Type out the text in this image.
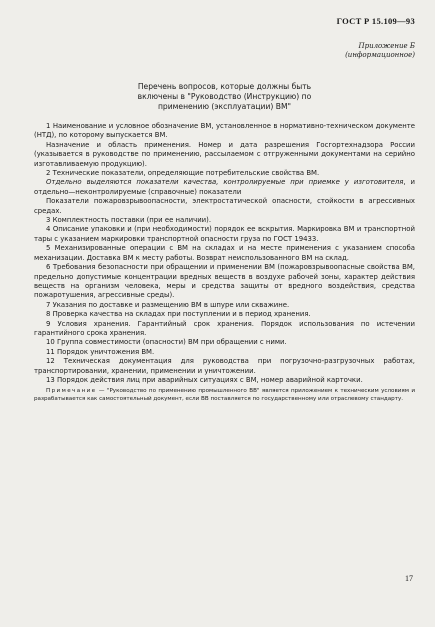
ГОСТ Р 15.109—93
Приложение Б
(информационное)
Перечень вопросов, которые должны быть
включены в "Руководство (Инструкцию) по
применению (эксплуатации) ВМ"

1 Наименование и условное обозначение ВМ, установленное в нормативно-техническом документе (НТД), по которому выпускается ВМ.

Назначение и область применения. Номер и дата разрешения Госгортехнадзора России (указывается в руководстве по применению, рассылаемом с отгруженными документами на серийно изготавливаемую продукцию).

2 Технические показатели, определяющие потребительские свойства ВМ.

Отдельно выделяются показатели качества, контролируемые при приемке у изготовителя, и отдельно—неконтролируемые (справочные) показатели

Показатели пожаровзрывоопасности, электростатической опасности, стойкости в агрессивных средах.

3 Комплектность поставки (при ее наличии).

4 Описание упаковки и (при необходимости) порядок ее вскрытия. Маркировка ВМ и транспортной тары с указанием маркировки транспортной опасности груза по ГОСТ 19433.

5 Механизированные операции с ВМ на складах и на месте применения с указанием способа механизации. Доставка ВМ к месту работы. Возврат неиспользованного ВМ на склад.

6 Требования безопасности при обращении и применении ВМ (пожаровзрывоопасные свойства ВМ, предельно допустимые концентрации вредных веществ в воздухе рабочей зоны, характер действия веществ на организм человека, меры и средства защиты от вредного воздействия, средства пожаротушения, агрессивные среды).

7 Указания по доставке и размещению ВМ в шпуре или скважине.

8 Проверка качества на складах при поступлении и в период хранения.

9 Условия хранения. Гарантийный срок хранения. Порядок использования по истечении гарантийного срока хранения.

10 Группа совместимости (опасности) ВМ при обращении с ними.

11 Порядок уничтожения ВМ.

12 Техническая документация для руководства при погрузочно-разгрузочных работах, транспортировании, хранении, применении и уничтожении.

13 Порядок действия лиц при аварийных ситуациях с ВМ, номер аварийной карточки.

Примечание — "Руководство по применению промышленного ВВ" является приложением к техническим условиям и разрабатывается как самостоятельный документ, если ВВ поставляется по государственному или отраслевому стандарту.

17
